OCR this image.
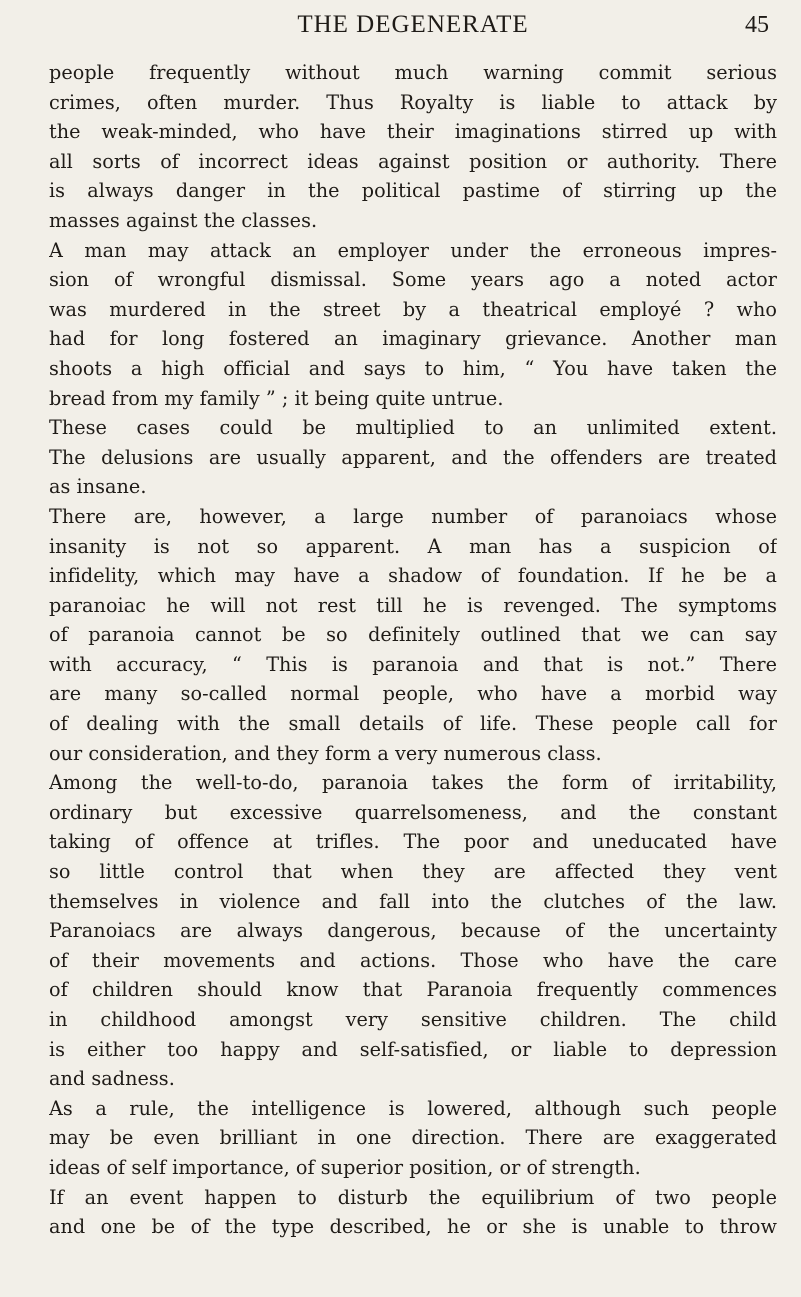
THE DEGENERATE	45
people frequently without much warning commit serious
crimes, often murder. Thus Royalty is liable to attack by
the weak-minded, who have their imaginations stirred up with
all sorts of incorrect ideas against position or authority. There
is always danger in the political pastime of stirring up the
masses against the classes.
A man may attack an employer under the erroneous impres-
sion of wrongful dismissal. Some years ago a noted actor
was murdered in the street by a theatrical employé ? who
had for long fostered an imaginary grievance. Another man
shoots a high official and says to him, “ You have taken the
bread from my family ” ; it being quite untrue.
These cases could be multiplied to an unlimited extent.
The delusions are usually apparent, and the offenders are treated
as insane.
There are, however, a large number of paranoiacs whose
insanity is not so apparent. A man has a suspicion of
infidelity, which may have a shadow of foundation. If he be a
paranoiac he will not rest till he is revenged. The symptoms
of paranoia cannot be so definitely outlined that we can say
with accuracy, “ This is paranoia and that is not.” There
are many so-called normal people, who have a morbid way
of dealing with the small details of life. These people call for
our consideration, and they form a very numerous class.
Among the well-to-do, paranoia takes the form of irritability,
ordinary but excessive quarrelsomeness, and the constant
taking of offence at trifles. The poor and uneducated have
so little control that when they are affected they vent
themselves in violence and fall into the clutches of the law.
Paranoiacs are always dangerous, because of the uncertainty
of their movements and actions. Those who have the care
of children should know that Paranoia frequently commences
in childhood amongst very sensitive children. The child
is either too happy and self-satisfied, or liable to depression
and sadness.
As a rule, the intelligence is lowered, although such people
may be even brilliant in one direction. There are exaggerated
ideas of self importance, of superior position, or of strength.
If an event happen to disturb the equilibrium of two people
and one be of the type described, he or she is unable to throw
